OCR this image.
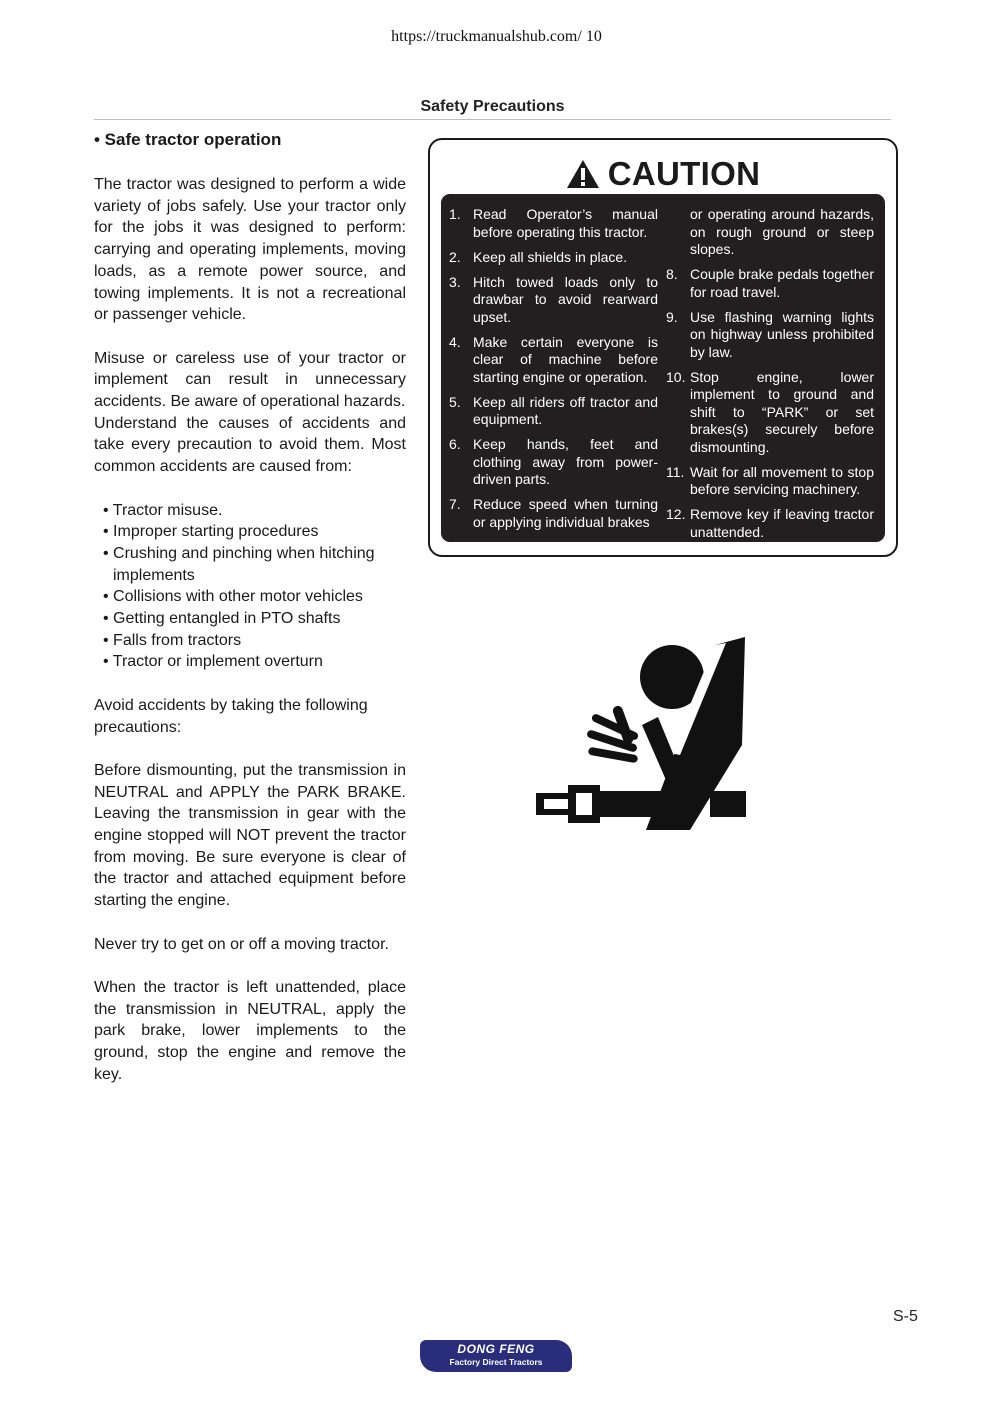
https://truckmanualshub.com/ 10
Safety Precautions
• Safe tractor operation

The tractor was designed to perform a wide variety of jobs safely. Use your tractor only for the jobs it was designed to perform: carrying and operating implements, moving loads, as a remote power source, and towing implements. It is not a recreational or passenger vehicle.

Misuse or careless use of your tractor or implement can result in unnecessary accidents. Be aware of operational hazards.

Understand the causes of accidents and take every precaution to avoid them. Most common accidents are caused from:

• Tractor misuse.
• Improper starting procedures
• Crushing and pinching when hitching implements
• Collisions with other motor vehicles
• Getting entangled in PTO shafts
• Falls from tractors
• Tractor or implement overturn

Avoid accidents by taking the following precautions:

Before dismounting, put the transmission in NEUTRAL and APPLY the PARK BRAKE. Leaving the transmission in gear with the engine stopped will NOT prevent the tractor from moving. Be sure everyone is clear of the tractor and attached equipment before starting the engine.

Never try to get on or off a moving tractor.

When the tractor is left unattended, place the transmission in NEUTRAL, apply the park brake, lower implements to the ground, stop the engine and remove the key.

CAUTION
1. Read Operator’s manual before operating this tractor.
2. Keep all shields in place.
3. Hitch towed loads only to drawbar to avoid rearward upset.
4. Make certain everyone is clear of machine before starting engine or operation.
5. Keep all riders off tractor and equipment.
6. Keep hands, feet and clothing away from power-driven parts.
7. Reduce speed when turning or applying individual brakes
or operating around hazards, on rough ground or steep slopes.
8. Couple brake pedals together for road travel.
9. Use flashing warning lights on highway unless prohibited by law.
10. Stop engine, lower implement to ground and shift to “PARK” or set brakes(s) securely before dismounting.
11. Wait for all movement to stop before servicing machinery.
12. Remove key if leaving tractor unattended.
S-5
DONG FENG
Factory Direct Tractors
